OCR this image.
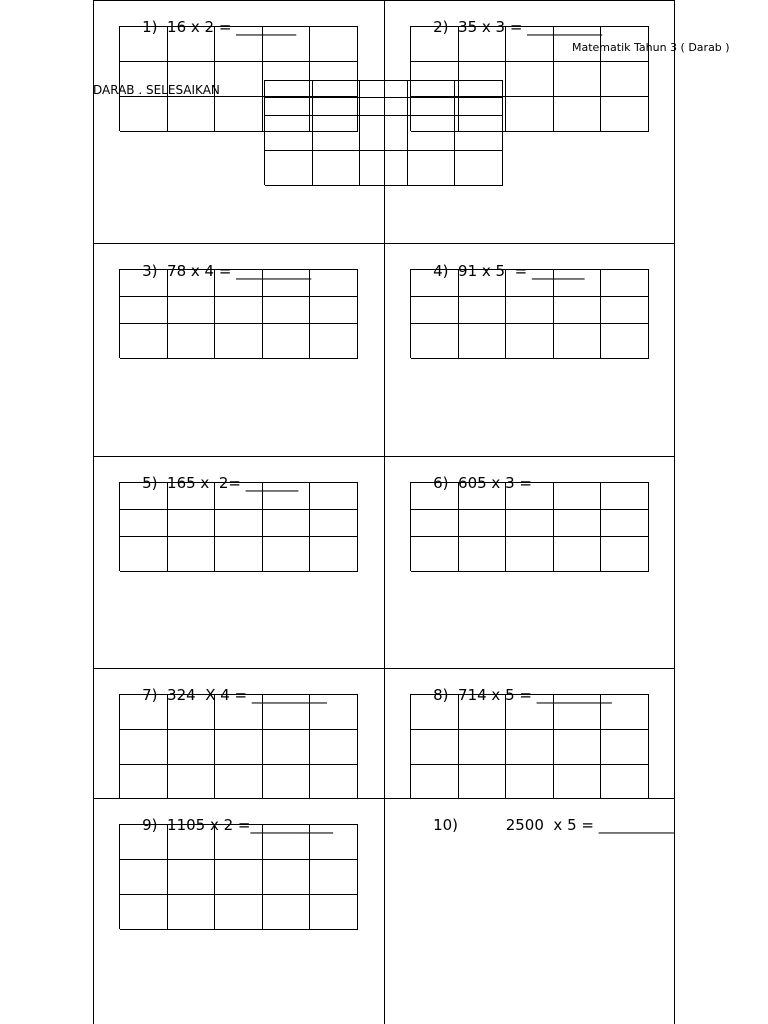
Matematik Tahun 3 ( Darab )
DARAB . SELESAIKAN

1) 16 x 2 = ________
	2) 35 x 3 = __________

3) 78 x 4 = __________
	4) 91 x 5  = _______

5) 165 x  2= _______
	6) 605 x 3 =

7) 324  X 4 = __________
	8) 714 x 5 = __________

9) 1105 x 2 =___________
	10)	2500  x 5 = __________
